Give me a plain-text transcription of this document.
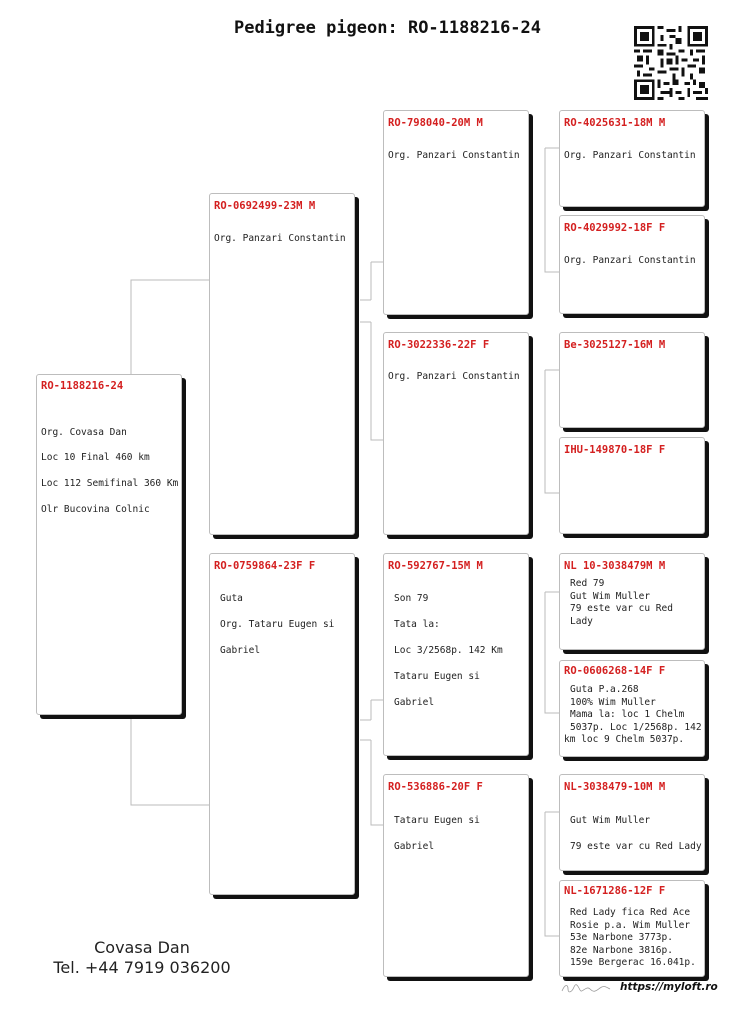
Pedigree pigeon: RO-1188216-24
RO-1188216-24
Org. Covasa Dan
Loc 10 Final 460 km
Loc 112 Semifinal 360 Km
Olr Bucovina Colnic
RO-0692499-23M M
Org. Panzari Constantin
RO-0759864-23F F
Guta
Org. Tataru Eugen si
Gabriel
RO-798040-20M M
Org. Panzari Constantin
RO-3022336-22F F
Org. Panzari Constantin
RO-592767-15M M
Son 79
Tata la:
Loc 3/2568p. 142 Km
Tataru Eugen si
Gabriel
RO-536886-20F F
Tataru Eugen si
Gabriel
RO-4025631-18M M
Org. Panzari Constantin
RO-4029992-18F F
Org. Panzari Constantin
Be-3025127-16M M
IHU-149870-18F F
NL 10-3038479M M
Red 79
Gut Wim Muller
79 este var cu Red
Lady
RO-0606268-14F F
Guta P.a.268
100% Wim Muller
Mama la: loc 1 Chelm
5037p. Loc 1/2568p. 142
km loc 9 Chelm 5037p.
NL-3038479-10M M
Gut Wim Muller
79 este var cu Red Lady
NL-1671286-12F F
Red Lady fica Red Ace
Rosie p.a. Wim Muller
53e Narbone 3773p.
82e Narbone 3816p.
159e Bergerac 16.041p.
Covasa Dan
Tel. +44 7919 036200
https://myloft.ro
